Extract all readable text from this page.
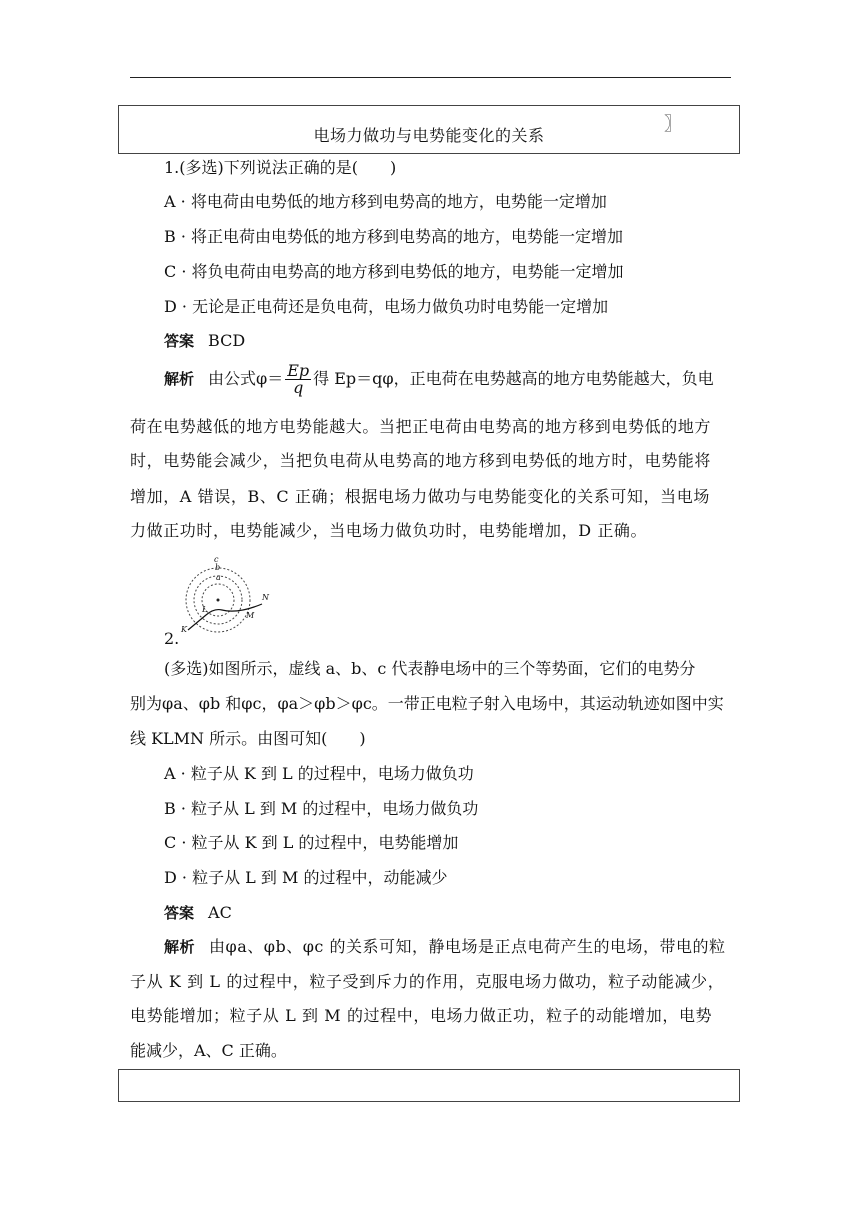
电场力做功与电势能变化的关系
〗
1.(多选)下列说法正确的是(　　)
A · 将电荷由电势低的地方移到电势高的地方，电势能一定增加
B · 将正电荷由电势低的地方移到电势高的地方，电势能一定增加
C · 将负电荷由电势高的地方移到电势低的地方，电势能一定增加
D · 无论是正电荷还是负电荷，电场力做负功时电势能一定增加
答案 BCD
解析 由公式$\varphi= \frac{Ep}{q}$ 得 Ep＝qφ，正电荷在电势越高的地方电势能越大，负电
荷在电势越低的地方电势能越大。当把正电荷由电势高的地方移到电势低的地方
时，电势能会减少，当把负电荷从电势高的地方移到电势低的地方时，电势能将
增加，A 错误，B、C 正确；根据电场力做功与电势能变化的关系可知，当电场
力做正功时，电势能减少，当电场力做负功时，电势能增加，D 正确。
c
b
a
K
L
M
N
2.
(多选)如图所示，虚线 a、b、c 代表静电场中的三个等势面，它们的电势分
别为φa、φb 和φc，φa＞φb＞φc。一带正电粒子射入电场中，其运动轨迹如图中实
线 KLMN 所示。由图可知(　　)
A · 粒子从 K 到 L 的过程中，电场力做负功
B · 粒子从 L 到 M 的过程中，电场力做负功
C · 粒子从 K 到 L 的过程中，电势能增加
D · 粒子从 L 到 M 的过程中，动能减少
答案 AC
解析 由φa、φb、φc 的关系可知，静电场是正点电荷产生的电场，带电的粒
子从 K 到 L 的过程中，粒子受到斥力的作用，克服电场力做功，粒子动能减少，
电势能增加；粒子从 L 到 M 的过程中，电场力做正功，粒子的动能增加，电势
能减少，A、C 正确。
